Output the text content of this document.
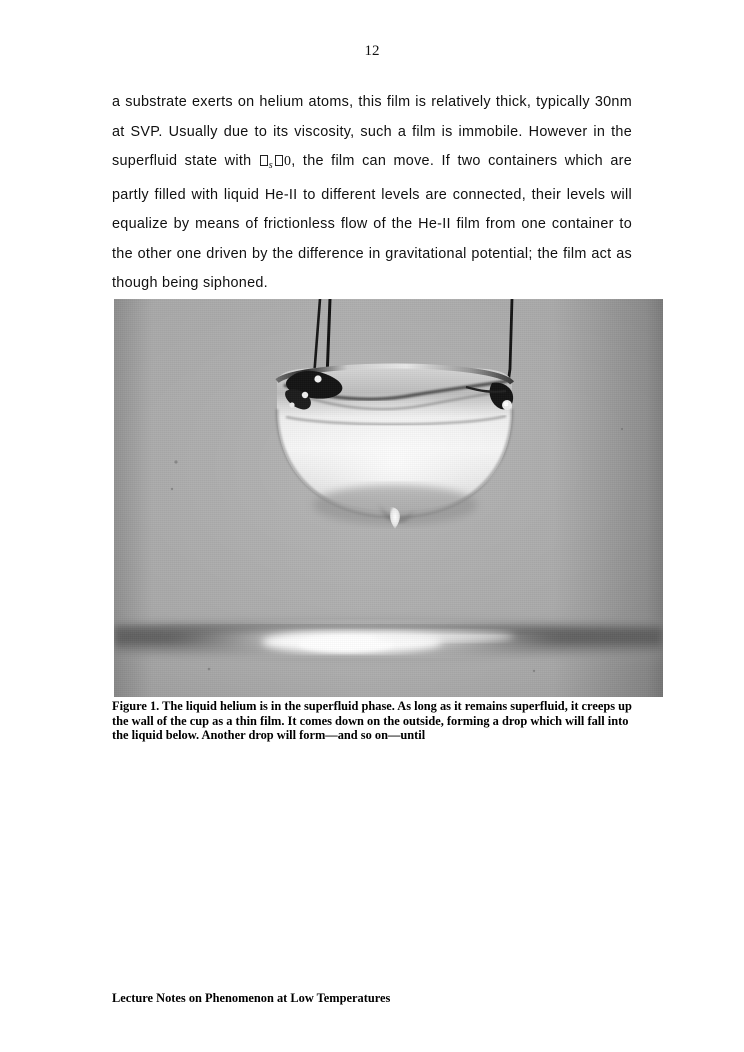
12

a substrate exerts on helium atoms, this film is relatively thick, typically 30nm at SVP. Usually due to its viscosity, such a film is immobile. However in the superfluid state with $_s$ 0, the film can move. If two containers which are partly filled with liquid He-II to different levels are connected, their levels will equalize by means of frictionless flow of the He-II film from one container to the other one driven by the difference in gravitational potential; the film act as though being siphoned.

Figure 1. The liquid helium is in the superfluid phase. As long as it remains superfluid, it creeps up the wall of the cup as a thin film. It comes down on the outside, forming a drop which will fall into the liquid below. Another drop will form—and so on—until
Lecture Notes on Phenomenon at Low Temperatures
